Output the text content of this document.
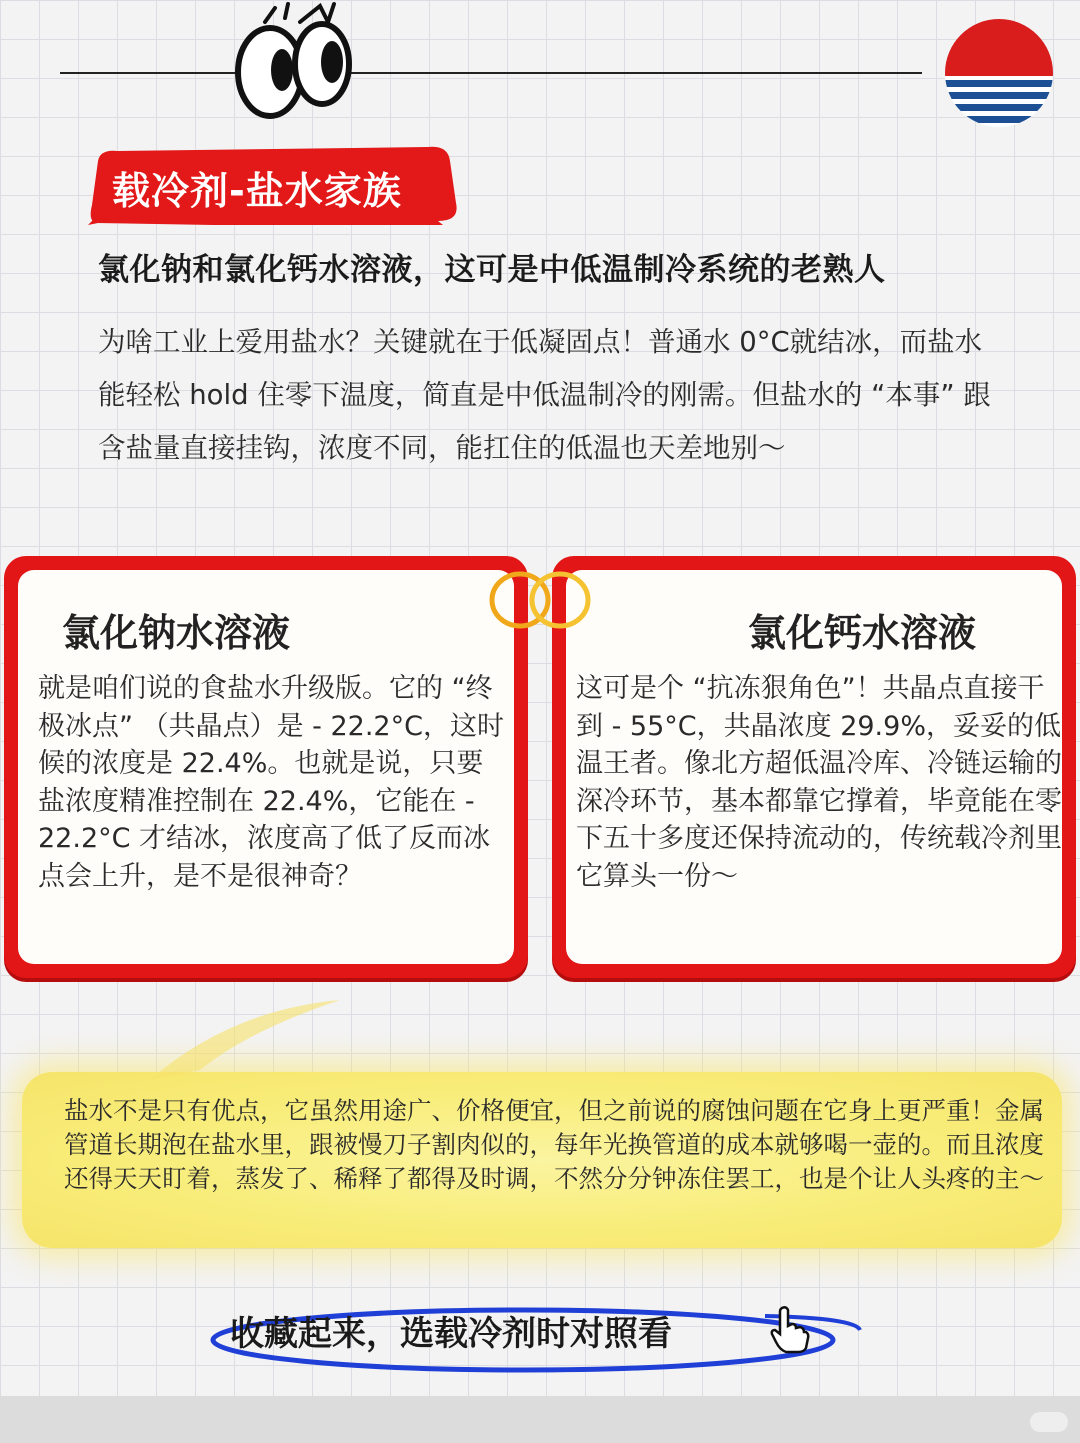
载冷剂-盐水家族
氯化钠和氯化钙水溶液，这可是中低温制冷系统的老熟人
为啥工业上爱用盐水？关键就在于低凝固点！普通水 0°C就结冰，而盐水能轻松 hold 住零下温度，简直是中低温制冷的刚需。但盐水的 “本事” 跟含盐量直接挂钩，浓度不同，能扛住的低温也天差地别～
氯化钠水溶液
就是咱们说的食盐水升级版。它的 “终极冰点” （共晶点）是 - 22.2°C，这时候的浓度是 22.4%。也就是说，只要盐浓度精准控制在 22.4%，它能在 - 22.2°C 才结冰，浓度高了低了反而冰点会上升，是不是很神奇？
氯化钙水溶液
这可是个 “抗冻狠角色”！共晶点直接干到 - 55°C，共晶浓度 29.9%，妥妥的低温王者。像北方超低温冷库、冷链运输的深冷环节，基本都靠它撑着，毕竟能在零下五十多度还保持流动的，传统载冷剂里它算头一份～
盐水不是只有优点，它虽然用途广、价格便宜，但之前说的腐蚀问题在它身上更严重！金属管道长期泡在盐水里，跟被慢刀子割肉似的，每年光换管道的成本就够喝一壶的。而且浓度还得天天盯着，蒸发了、稀释了都得及时调，不然分分钟冻住罢工，也是个让人头疼的主～
收藏起来，选载冷剂时对照看
